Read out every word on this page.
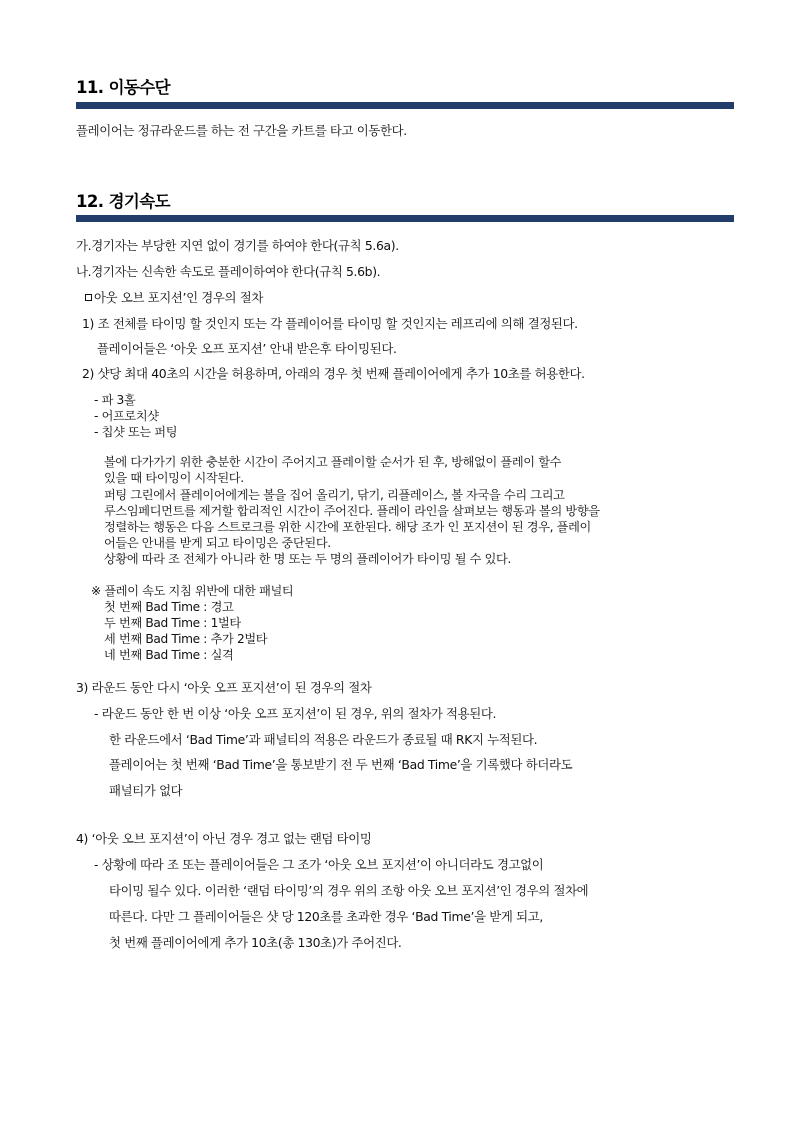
11. 이동수단
플레이어는 정규라운드를 하는 전 구간을 카트를 타고 이동한다.
12. 경기속도
가.경기자는 부당한 지연 없이 경기를 하여야 한다(규칙 5.6a).
나.경기자는 신속한 속도로 플레이하여야 한다(규칙 5.6b).
아웃 오브 포지션’인 경우의 절차
1) 조 전체를 타이밍 할 것인지 또는 각 플레이어를 타이밍 할 것인지는 레프리에 의해 결정된다.
플레이어들은 ‘아웃 오프 포지션’ 안내 받은후 타이밍된다.
2) 샷당 최대 40초의 시간을 허용하며, 아래의 경우 첫 번째 플레이어에게 추가 10초를 허용한다.
- 파 3홀
- 어프로치샷
- 칩샷 또는 퍼팅
볼에 다가가기 위한 충분한 시간이 주어지고 플레이할 순서가 된 후, 방해없이 플레이 할수
있을 때 타이밍이 시작된다.
퍼팅 그린에서 플레이어에게는 볼을 집어 올리기, 닦기, 리플레이스, 볼 자국을 수리 그리고
루스임페디먼트를 제거할 합리적인 시간이 주어진다. 플레이 라인을 살펴보는 행동과 볼의 방향을
정렬하는 행동은 다음 스트로크를 위한 시간에 포한된다. 해당 조가 인 포지션이 된 경우, 플레이
어들은 안내를 받게 되고 타이밍은 중단된다.
상황에 따라 조 전체가 아니라 한 명 또는 두 명의 플레이어가 타이밍 될 수 있다.
※ 플레이 속도 지침 위반에 대한 패널티
첫 번째 Bad Time : 경고
두 번째 Bad Time : 1벌타
세 번째 Bad Time : 추가 2벌타
네 번째 Bad Time : 실격
3) 라운드 동안 다시 ‘아웃 오프 포지션’이 된 경우의 절차
- 라운드 동안 한 번 이상 ‘아웃 오프 포지션’이 된 경우, 위의 절차가 적용된다.
한 라운드에서 ‘Bad Time’과 패널티의 적용은 라운드가 종료될 때 RK지 누적된다.
플레이어는 첫 번째 ‘Bad Time’을 통보받기 전 두 번째 ‘Bad Time’을 기록했다 하더라도
패널티가 없다
4) ‘아웃 오브 포지션’이 아닌 경우 경고 없는 랜덤 타이밍
- 상황에 따라 조 또는 플레이어들은 그 조가 ‘아웃 오브 포지션’이 아니더라도 경고없이
타이밍 될수 있다. 이러한 ‘랜덤 타이밍’의 경우 위의 조항 아웃 오브 포지션’인 경우의 절차에
따른다. 다만 그 플레이어들은 샷 당 120초를 초과한 경우 ‘Bad Time’을 받게 되고,
첫 번째 플레이어에게 추가 10초(총 130초)가 주어진다.
